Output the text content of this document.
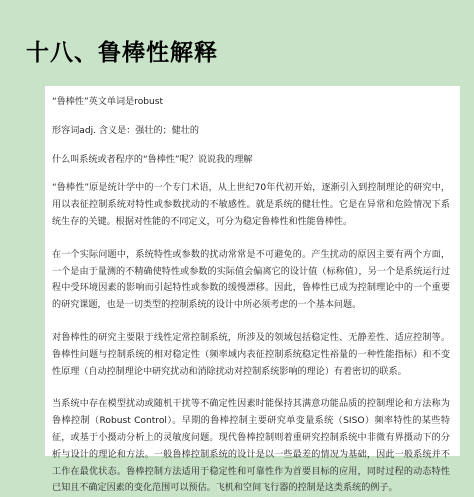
十八、鲁棒性解释

“鲁棒性”英文单词是robust

形容词adj. 含义是：强壮的；健壮的

什么叫系统或者程序的“鲁棒性”呢？说说我的理解

“鲁棒性”原是统计学中的一个专门术语，从上世纪70年代初开始，逐渐引入到控制理论的研究中，用以表征控制系统对特性或参数扰动的不敏感性。就是系统的健壮性。它是在异常和危险情况下系统生存的关键。根据对性能的不同定义，可分为稳定鲁棒性和性能鲁棒性。

在一个实际问题中，系统特性或参数的扰动常常是不可避免的。产生扰动的原因主要有两个方面，一个是由于量测的不精确使特性或参数的实际值会偏离它的设计值（标称值），另一个是系统运行过程中受环境因素的影响而引起特性或参数的缓慢漂移。因此，鲁棒性已成为控制理论中的一个重要的研究课题，也是一切类型的控制系统的设计中所必须考虑的一个基本问题。

对鲁棒性的研究主要限于线性定常控制系统，所涉及的领域包括稳定性、无静差性、适应控制等。鲁棒性问题与控制系统的相对稳定性（频率域内表征控制系统稳定性裕量的一种性能指标）和不变性原理（自动控制理论中研究扰动和消除扰动对控制系统影响的理论）有着密切的联系。

当系统中存在模型扰动或随机干扰等不确定性因素时能保持其满意功能品质的控制理论和方法称为鲁棒控制（Robust Control）。早期的鲁棒控制主要研究单变量系统（SISO）频率特性的某些特征，或基于小摄动分析上的灵敏度问题。现代鲁棒控制则着重研究控制系统中非微有界摄动下的分析与设计的理论和方法。一般鲁棒控制系统的设计是以一些最差的情况为基础，因此一般系统并不工作在最优状态。鲁棒控制方法适用于稳定性和可靠性作为首要目标的应用，同时过程的动态特性已知且不确定因素的变化范围可以预估。飞机和空间飞行器的控制是这类系统的例子。
